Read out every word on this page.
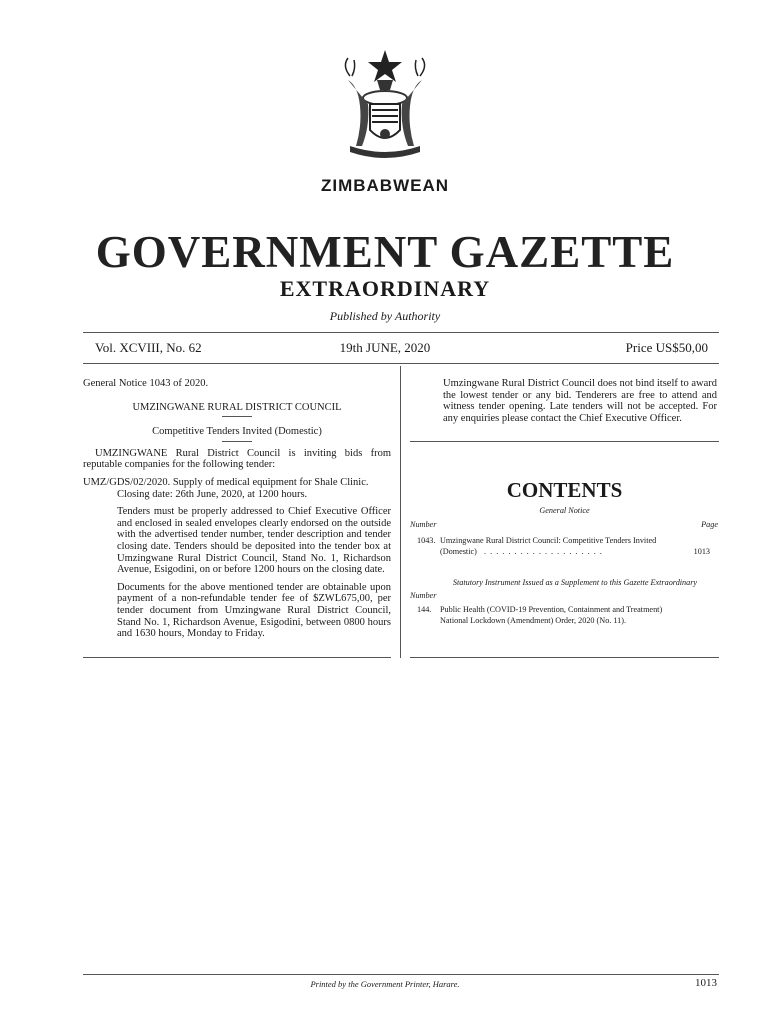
ZIMBABWEAN
GOVERNMENT GAZETTE
EXTRAORDINARY
Published by Authority
Vol. XCVIII, No. 62	19th JUNE, 2020	Price US$50,00
General Notice 1043 of 2020.
UMZINGWANE RURAL DISTRICT COUNCIL
Competitive Tenders Invited (Domestic)
UMZINGWANE Rural District Council is inviting bids from reputable companies for the following tender:
UMZ/GDS/02/2020. Supply of medical equipment for Shale Clinic.
Closing date: 26th June, 2020, at 1200 hours.
Tenders must be properly addressed to Chief Executive Officer and enclosed in sealed envelopes clearly endorsed on the outside with the advertised tender number, tender description and tender closing date. Tenders should be deposited into the tender box at Umzingwane Rural District Council, Stand No. 1, Richardson Avenue, Esigodini, on or before 1200 hours on the closing date.
Documents for the above mentioned tender are obtainable upon payment of a non-refundable tender fee of $ZWL675,00, per tender document from Umzingwane Rural District Council, Stand No. 1, Richardson Avenue, Esigodini, between 0800 hours and 1630 hours, Monday to Friday.
Umzingwane Rural District Council does not bind itself to award the lowest tender or any bid. Tenderers are free to attend and witness tender opening. Late tenders will not be accepted. For any enquiries please contact the Chief Executive Officer.
CONTENTS
General Notice
Number	Page
1043. Umzingwane Rural District Council: Competitive Tenders Invited
(Domestic) . . . . . . . . . . . . . . . . . . . .	1013
Statutory Instrument Issued as a Supplement to this Gazette Extraordinary
Number
144. Public Health (COVID-19 Prevention, Containment and Treatment)
National Lockdown (Amendment) Order, 2020 (No. 11).
Printed by the Government Printer, Harare.	1013
